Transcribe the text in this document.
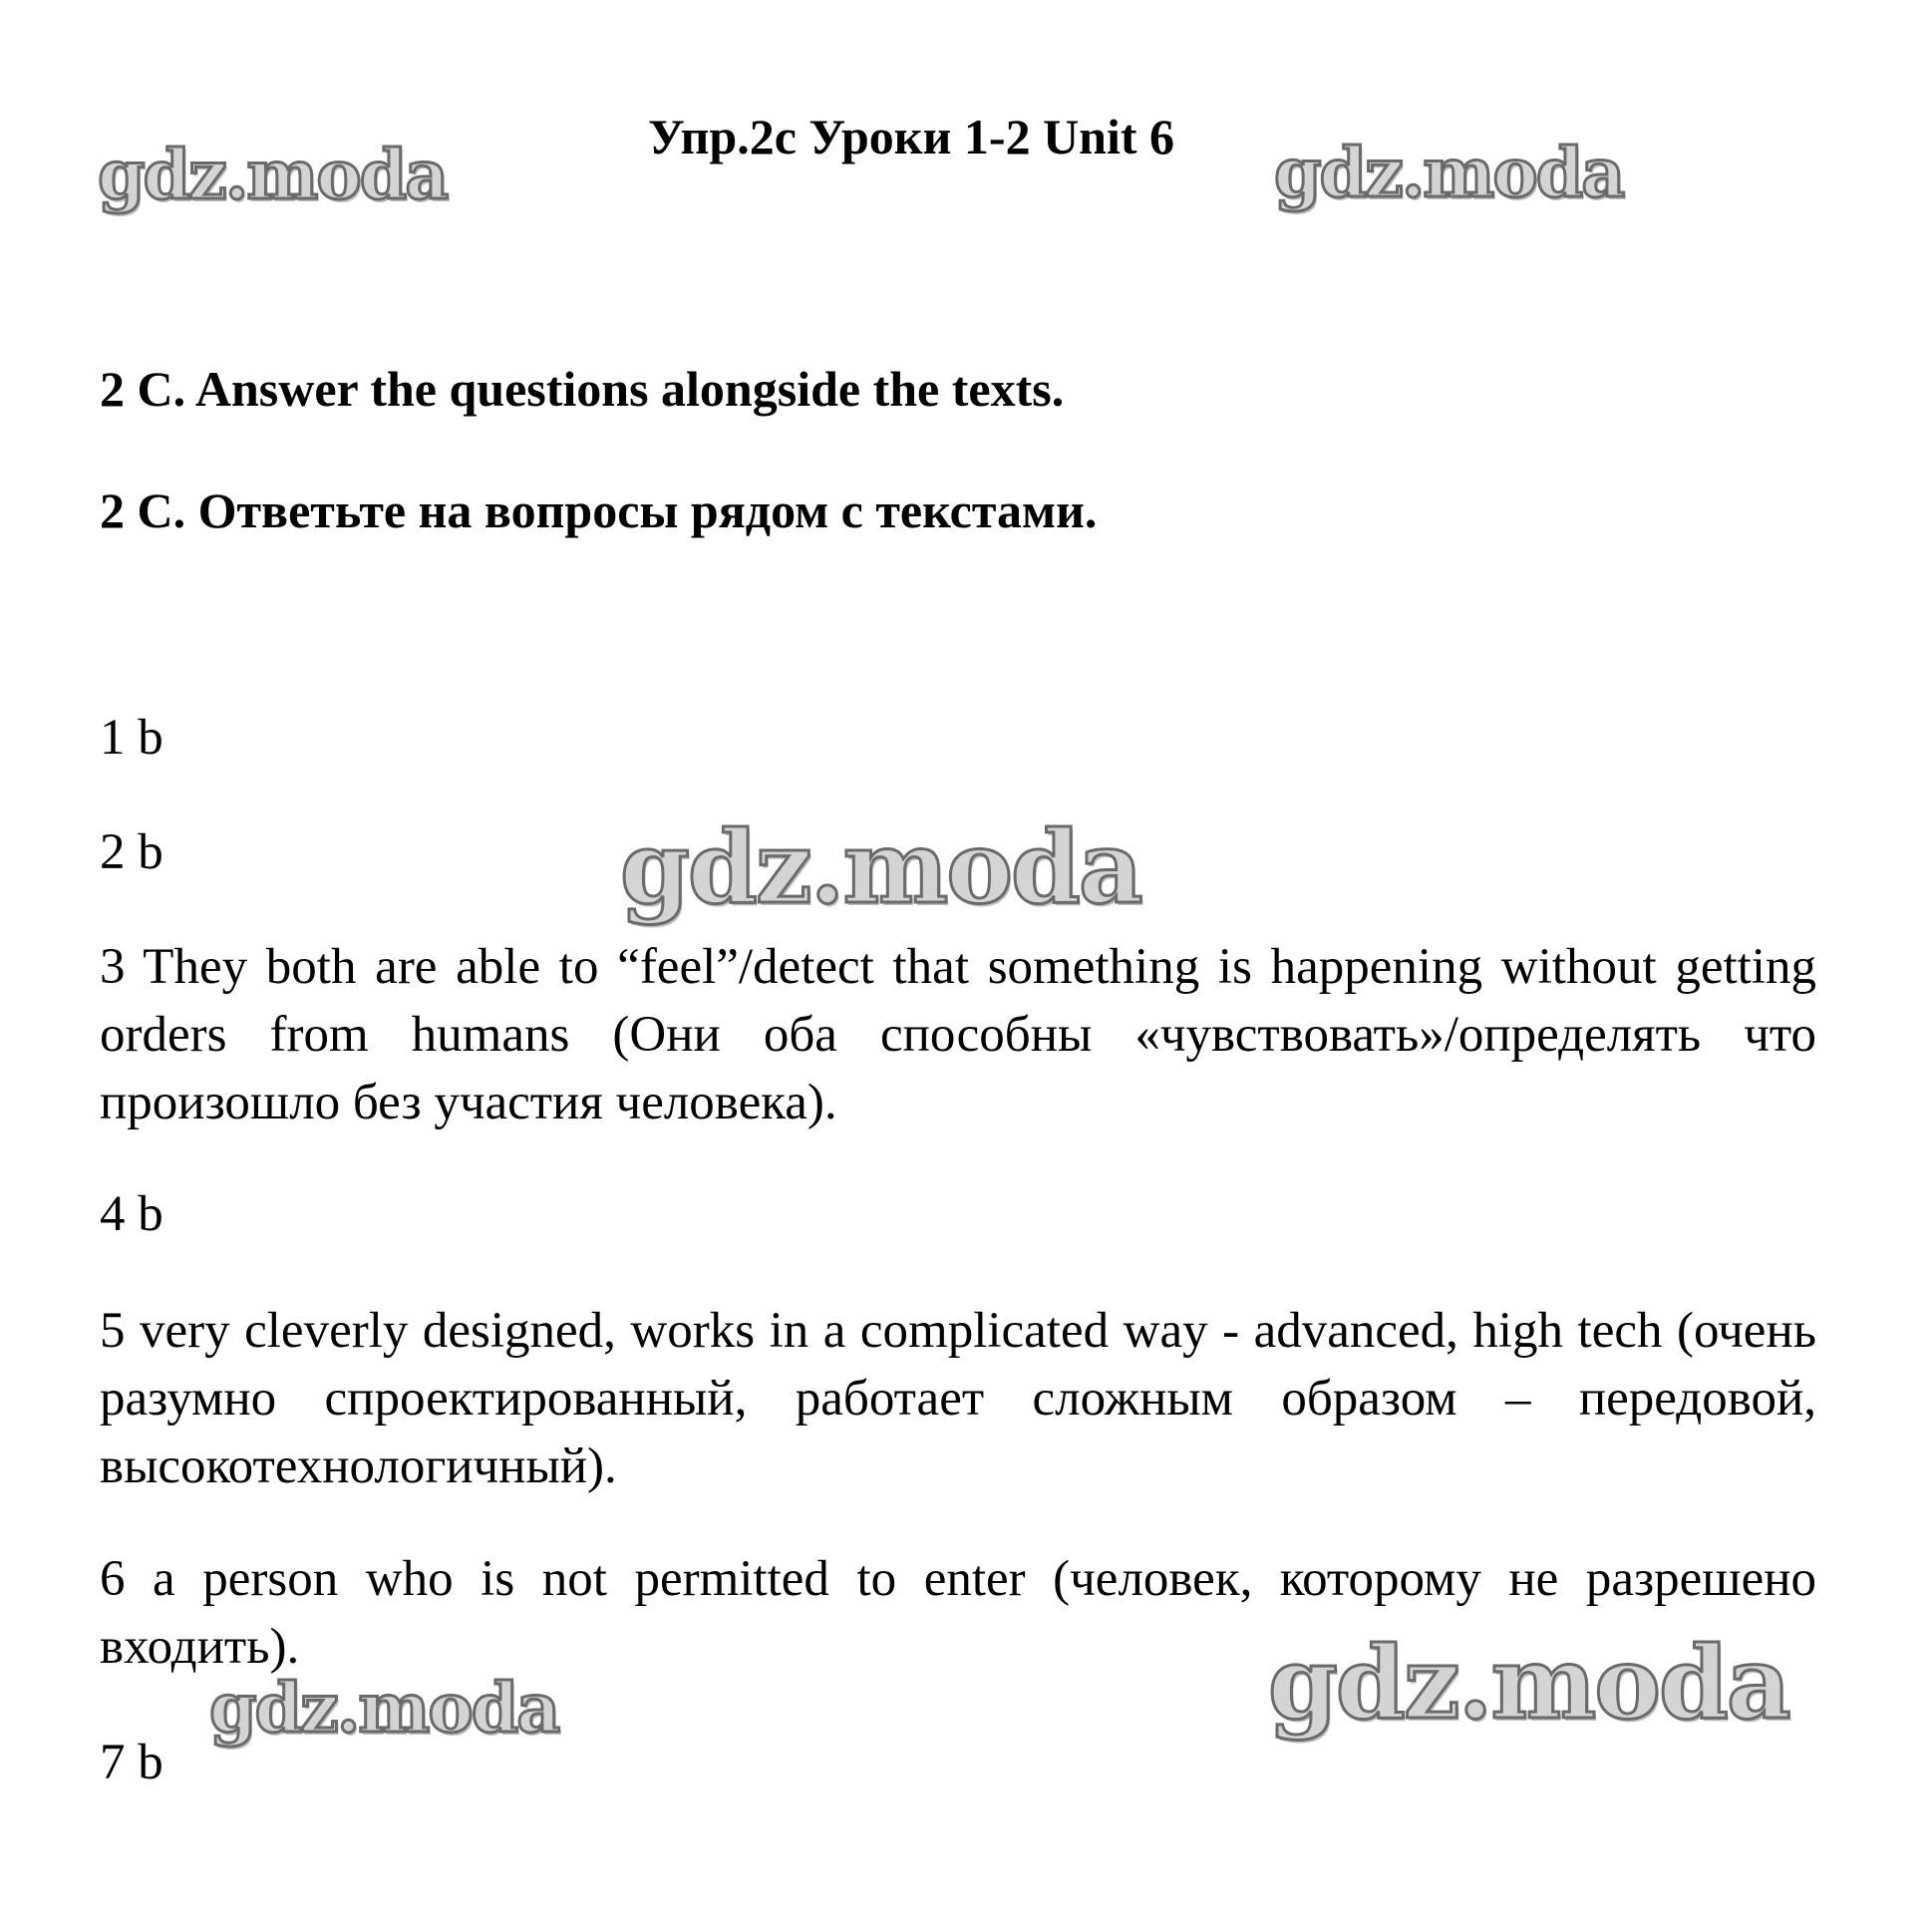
Упр.2с Уроки 1-2 Unit 6
2 C. Answer the questions alongside the texts.
2 C. Ответьте на вопросы рядом с текстами.
1 b
2 b
3 They both are able to “feel”/detect that something is happening without getting orders from humans (Они оба способны «чувствовать»/определять что произошло без участия человека).
4 b
5 very cleverly designed, works in a complicated way - advanced, high tech (очень разумно спроектированный, работает сложным образом – передовой, высокотехнологичный).
6 a person who is not permitted to enter (человек, которому не разрешено входить).
7 b
gdz.moda	gdz.moda
gdz.moda
gdz.moda
gdz.moda
